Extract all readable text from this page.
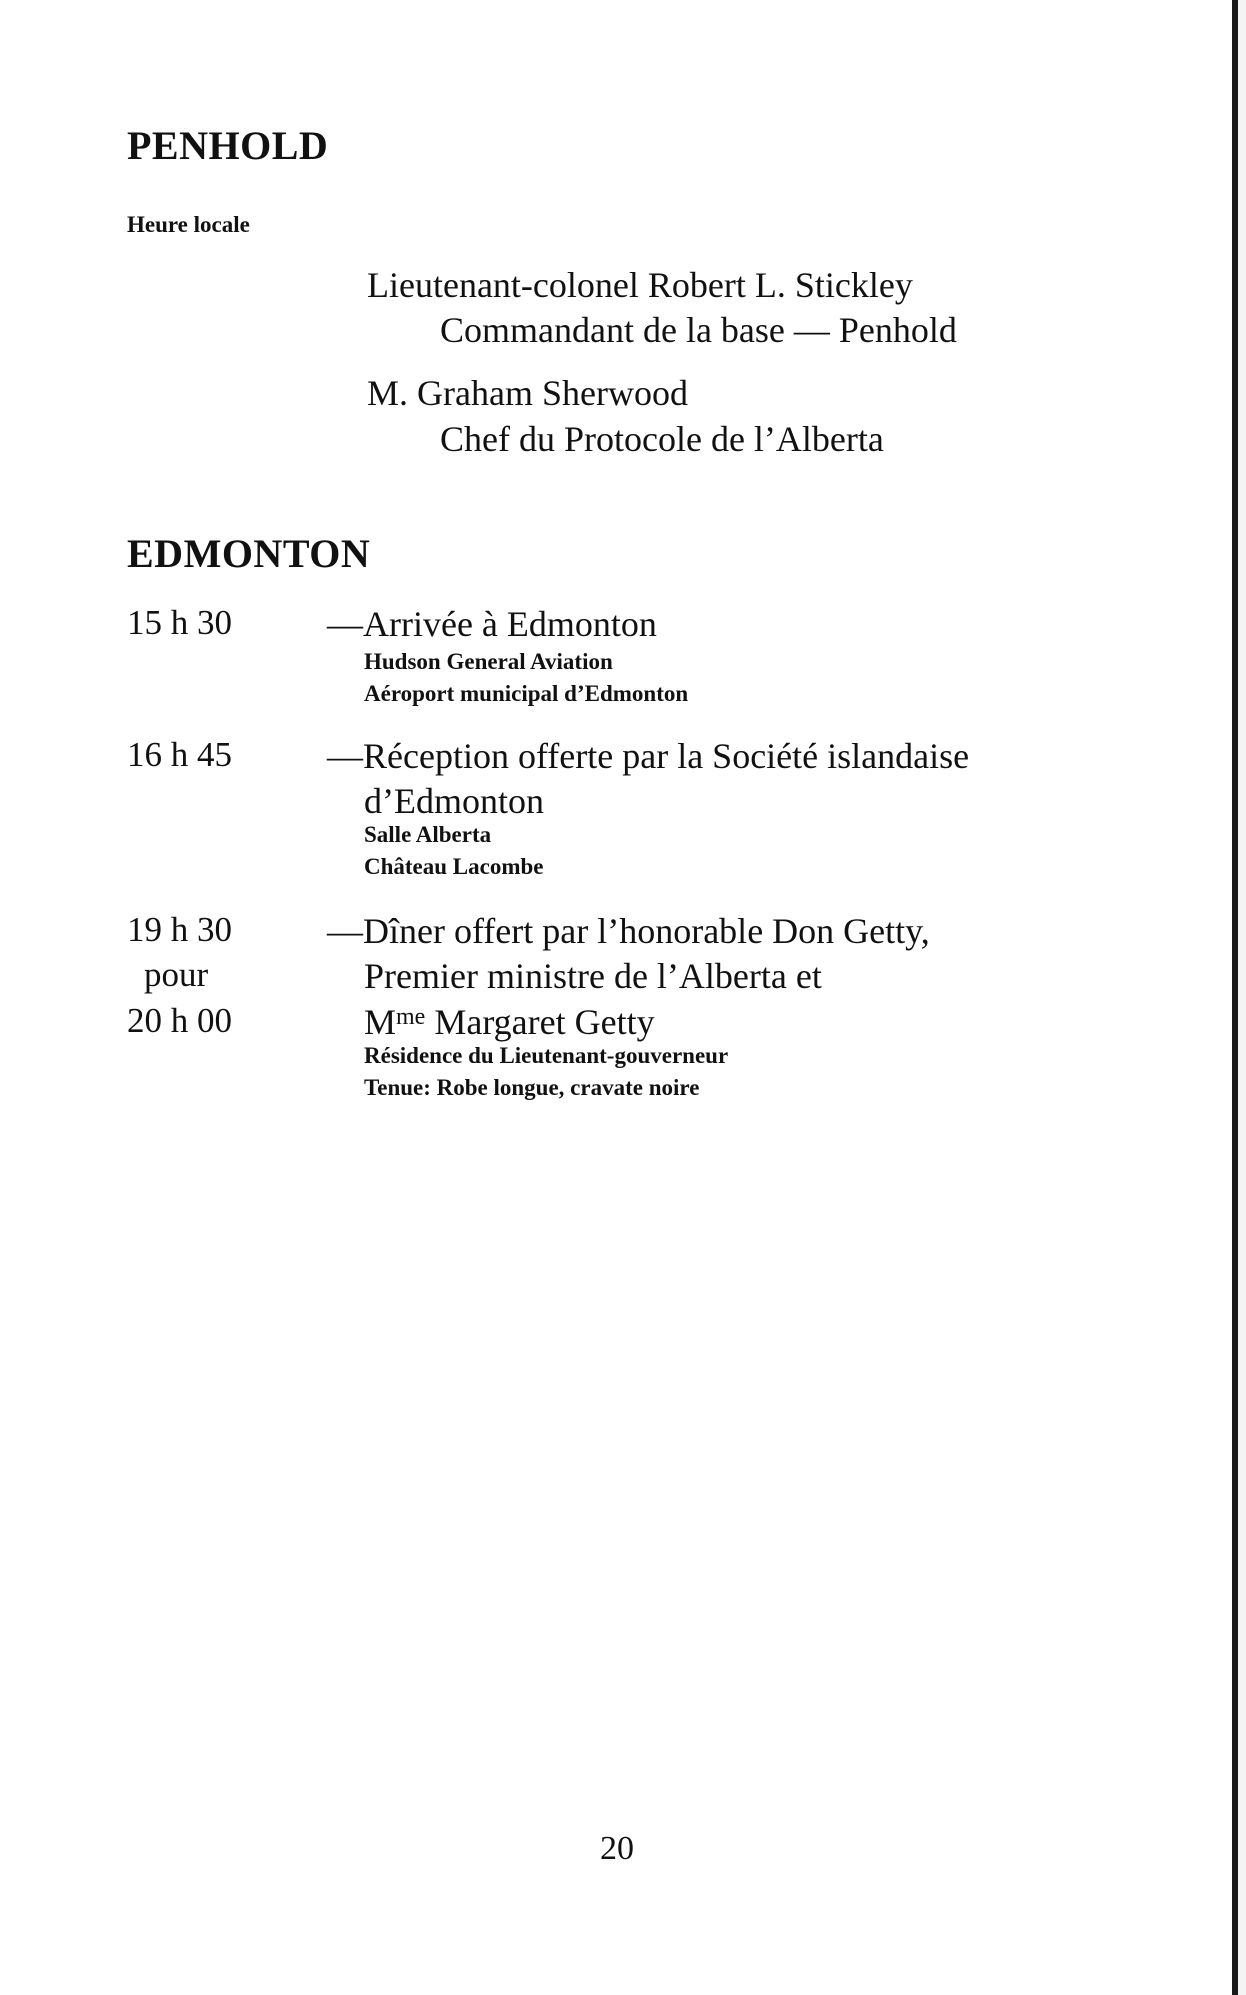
PENHOLD

Heure locale

Lieutenant-colonel Robert L. Stickley

Commandant de la base — Penhold

M. Graham Sherwood

Chef du Protocole de l’Alberta

EDMONTON

15 h 30	—Arrivée à Edmonton

Hudson General Aviation

Aéroport municipal d’Edmonton

16 h 45	—Réception offerte par la Société islandaise

d’Edmonton

Salle Alberta

Château Lacombe

19 h 30

pour

20 h 00

—Dîner offert par l’honorable Don Getty,

Premier ministre de l’Alberta et

$M^{me}$ Margaret Getty

Résidence du Lieutenant-gouverneur

Tenue: Robe longue, cravate noire

20
